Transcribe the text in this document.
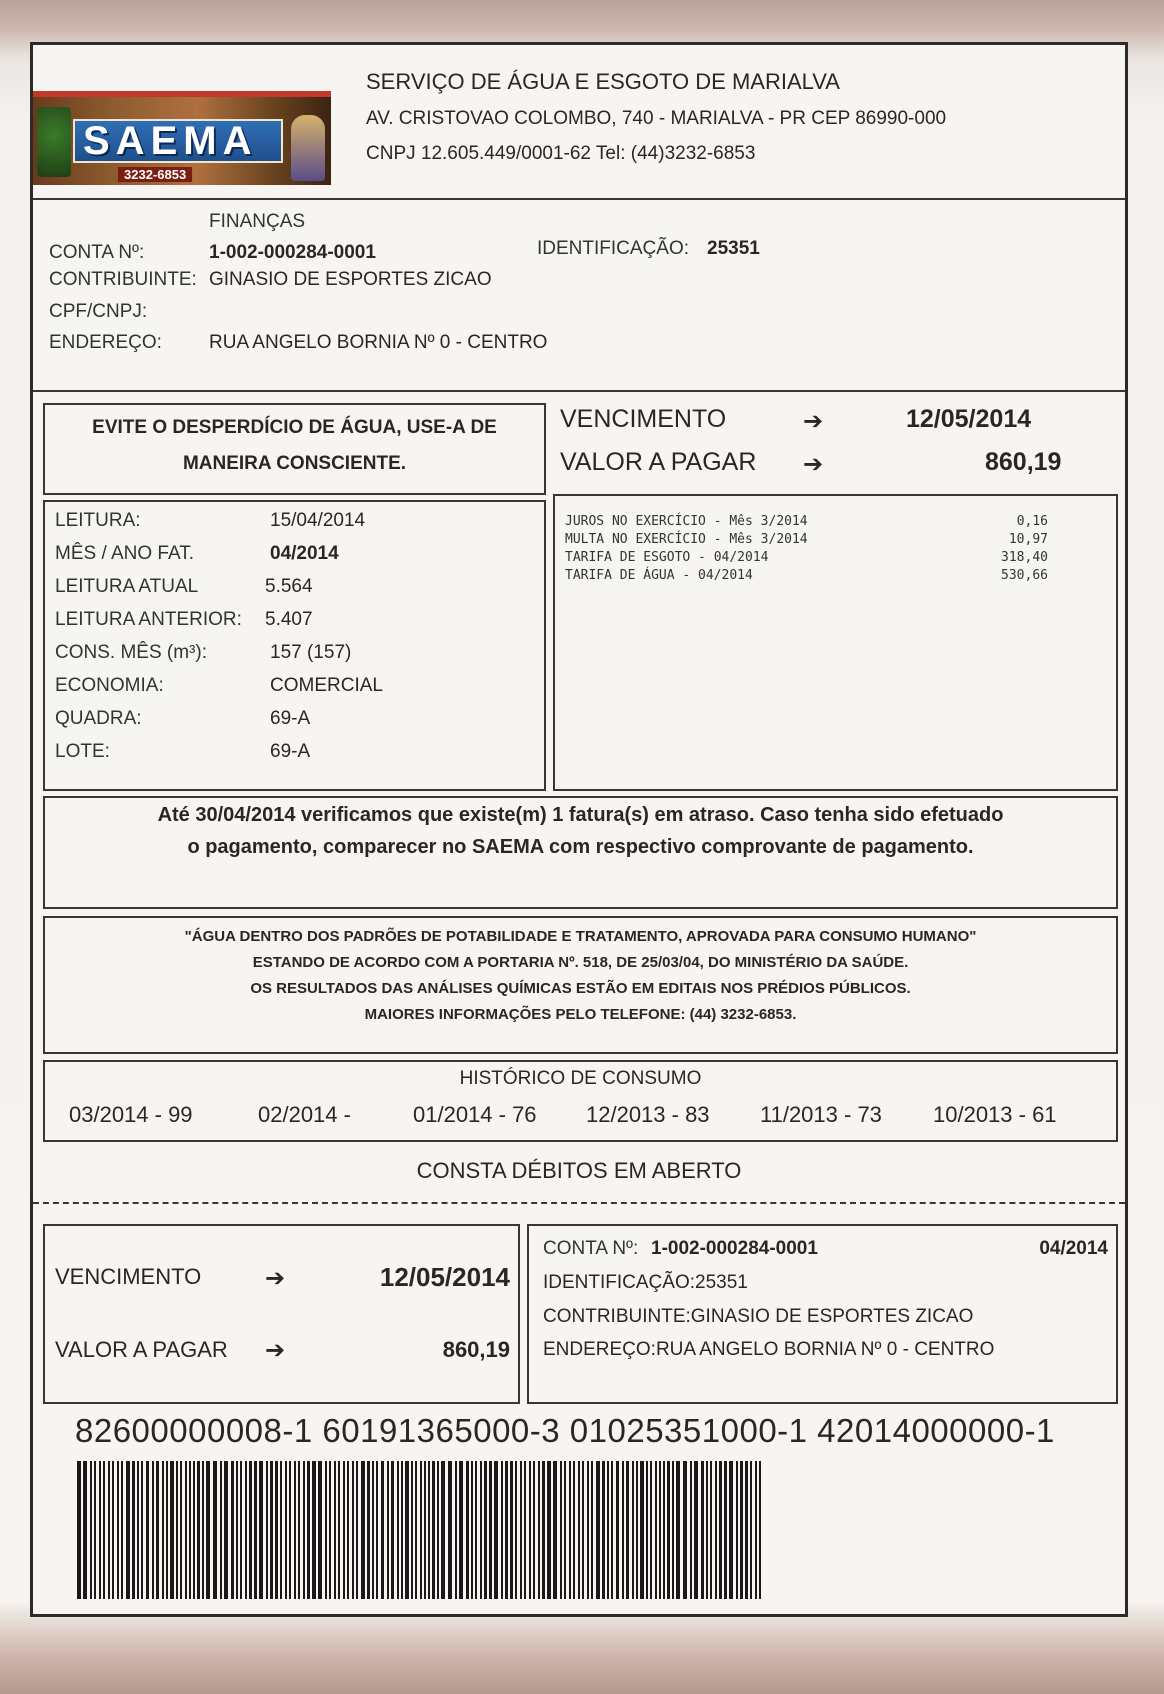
SAEMA
3232-6853
SERVIÇO DE ÁGUA E ESGOTO DE MARIALVA
AV. CRISTOVAO COLOMBO, 740 - MARIALVA - PR CEP 86990-000
CNPJ 12.605.449/0001-62 Tel: (44)3232-6853
FINANÇAS
CONTA Nº:	1-002-000284-0001	IDENTIFICAÇÃO: 25351
CONTRIBUINTE: GINASIO DE ESPORTES ZICAO
CPF/CNPJ:
ENDEREÇO: RUA ANGELO BORNIA Nº 0 - CENTRO
EVITE O DESPERDÍCIO DE ÁGUA, USE-A DE
MANEIRA CONSCIENTE.
VENCIMENTO	➔	12/05/2014
VALOR A PAGAR ➔	860,19
LEITURA:	15/04/2014
MÊS / ANO FAT.	04/2014
LEITURA ATUAL	5.564
LEITURA ANTERIOR: 5.407
CONS. MÊS (m³):	157 (157)
ECONOMIA:	COMERCIAL
QUADRA:	69-A
LOTE:	69-A
JUROS NO EXERCÍCIO - Mês 3/2014	0,16
MULTA NO EXERCÍCIO - Mês 3/2014	10,97
TARIFA DE ESGOTO - 04/2014	318,40
TARIFA DE ÁGUA - 04/2014	530,66
Até 30/04/2014 verificamos que existe(m) 1 fatura(s) em atraso. Caso tenha sido efetuado
o pagamento, comparecer no SAEMA com respectivo comprovante de pagamento.
"ÁGUA DENTRO DOS PADRÕES DE POTABILIDADE E TRATAMENTO, APROVADA PARA CONSUMO HUMANO"
ESTANDO DE ACORDO COM A PORTARIA Nº. 518, DE 25/03/04, DO MINISTÉRIO DA SAÚDE.
OS RESULTADOS DAS ANÁLISES QUÍMICAS ESTÃO EM EDITAIS NOS PRÉDIOS PÚBLICOS.
MAIORES INFORMAÇÕES PELO TELEFONE: (44) 3232-6853.
HISTÓRICO DE CONSUMO
03/2014 - 99	02/2014 -	01/2014 - 76 12/2013 - 83 11/2013 - 73 10/2013 - 61
CONSTA DÉBITOS EM ABERTO
VENCIMENTO	➔	12/05/2014
VALOR A PAGAR ➔	860,19
CONTA Nº: 1-002-000284-0001	04/2014
IDENTIFICAÇÃO:25351
CONTRIBUINTE:GINASIO DE ESPORTES ZICAO
ENDEREÇO:RUA ANGELO BORNIA Nº 0 - CENTRO
82600000008-1 60191365000-3 01025351000-1 42014000000-1
